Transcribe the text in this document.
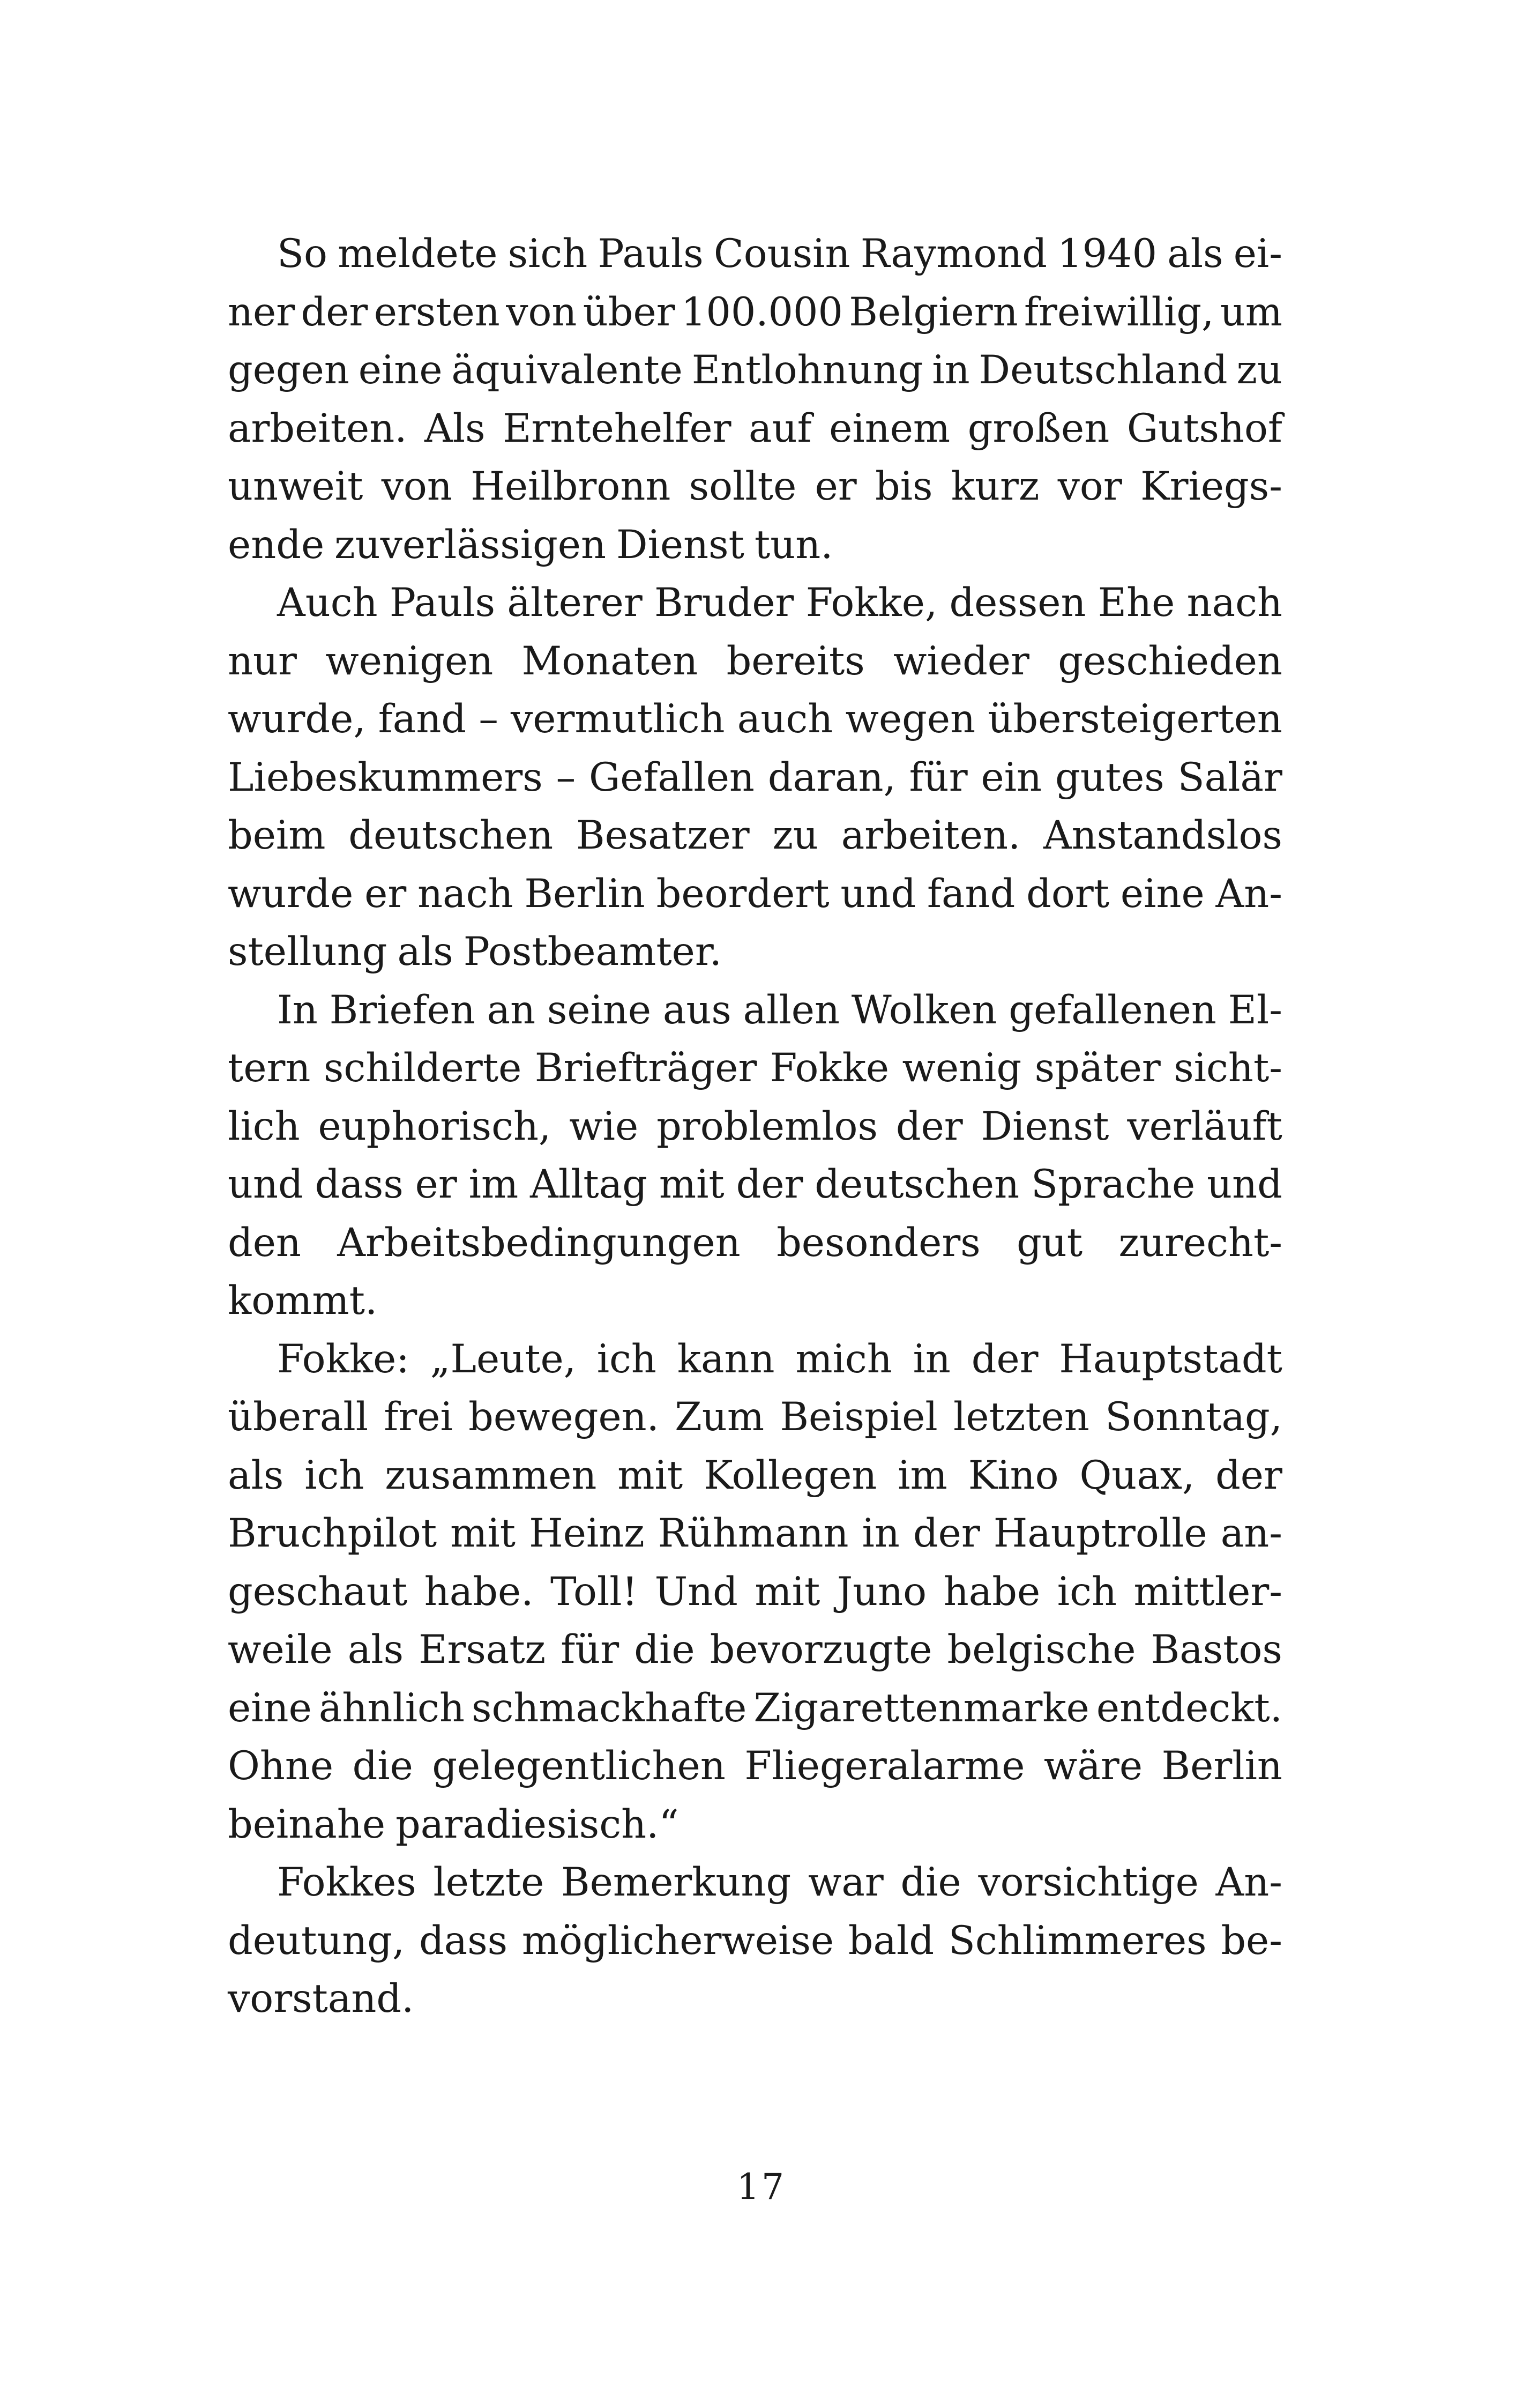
So meldete sich Pauls Cousin Raymond 1940 als ei-
ner der ersten von über 100.000 Belgiern freiwillig, um
gegen eine äquivalente Entlohnung in Deutschland zu
arbeiten. Als Erntehelfer auf einem großen Gutshof
unweit von Heilbronn sollte er bis kurz vor Kriegs-
ende zuverlässigen Dienst tun.
Auch Pauls älterer Bruder Fokke, dessen Ehe nach
nur wenigen Monaten bereits wieder geschieden
wurde, fand – vermutlich auch wegen übersteigerten
Liebeskummers – Gefallen daran, für ein gutes Salär
beim deutschen Besatzer zu arbeiten. Anstandslos
wurde er nach Berlin beordert und fand dort eine An-
stellung als Postbeamter.
In Briefen an seine aus allen Wolken gefallenen El-
tern schilderte Briefträger Fokke wenig später sicht-
lich euphorisch, wie problemlos der Dienst verläuft
und dass er im Alltag mit der deutschen Sprache und
den Arbeitsbedingungen besonders gut zurecht-
kommt.
Fokke: „Leute, ich kann mich in der Hauptstadt
überall frei bewegen. Zum Beispiel letzten Sonntag,
als ich zusammen mit Kollegen im Kino Quax, der
Bruchpilot mit Heinz Rühmann in der Hauptrolle an-
geschaut habe. Toll! Und mit Juno habe ich mittler-
weile als Ersatz für die bevorzugte belgische Bastos
eine ähnlich schmackhafte Zigarettenmarke entdeckt.
Ohne die gelegentlichen Fliegeralarme wäre Berlin
beinahe paradiesisch.“
Fokkes letzte Bemerkung war die vorsichtige An-
deutung, dass möglicherweise bald Schlimmeres be-
vorstand.
17
